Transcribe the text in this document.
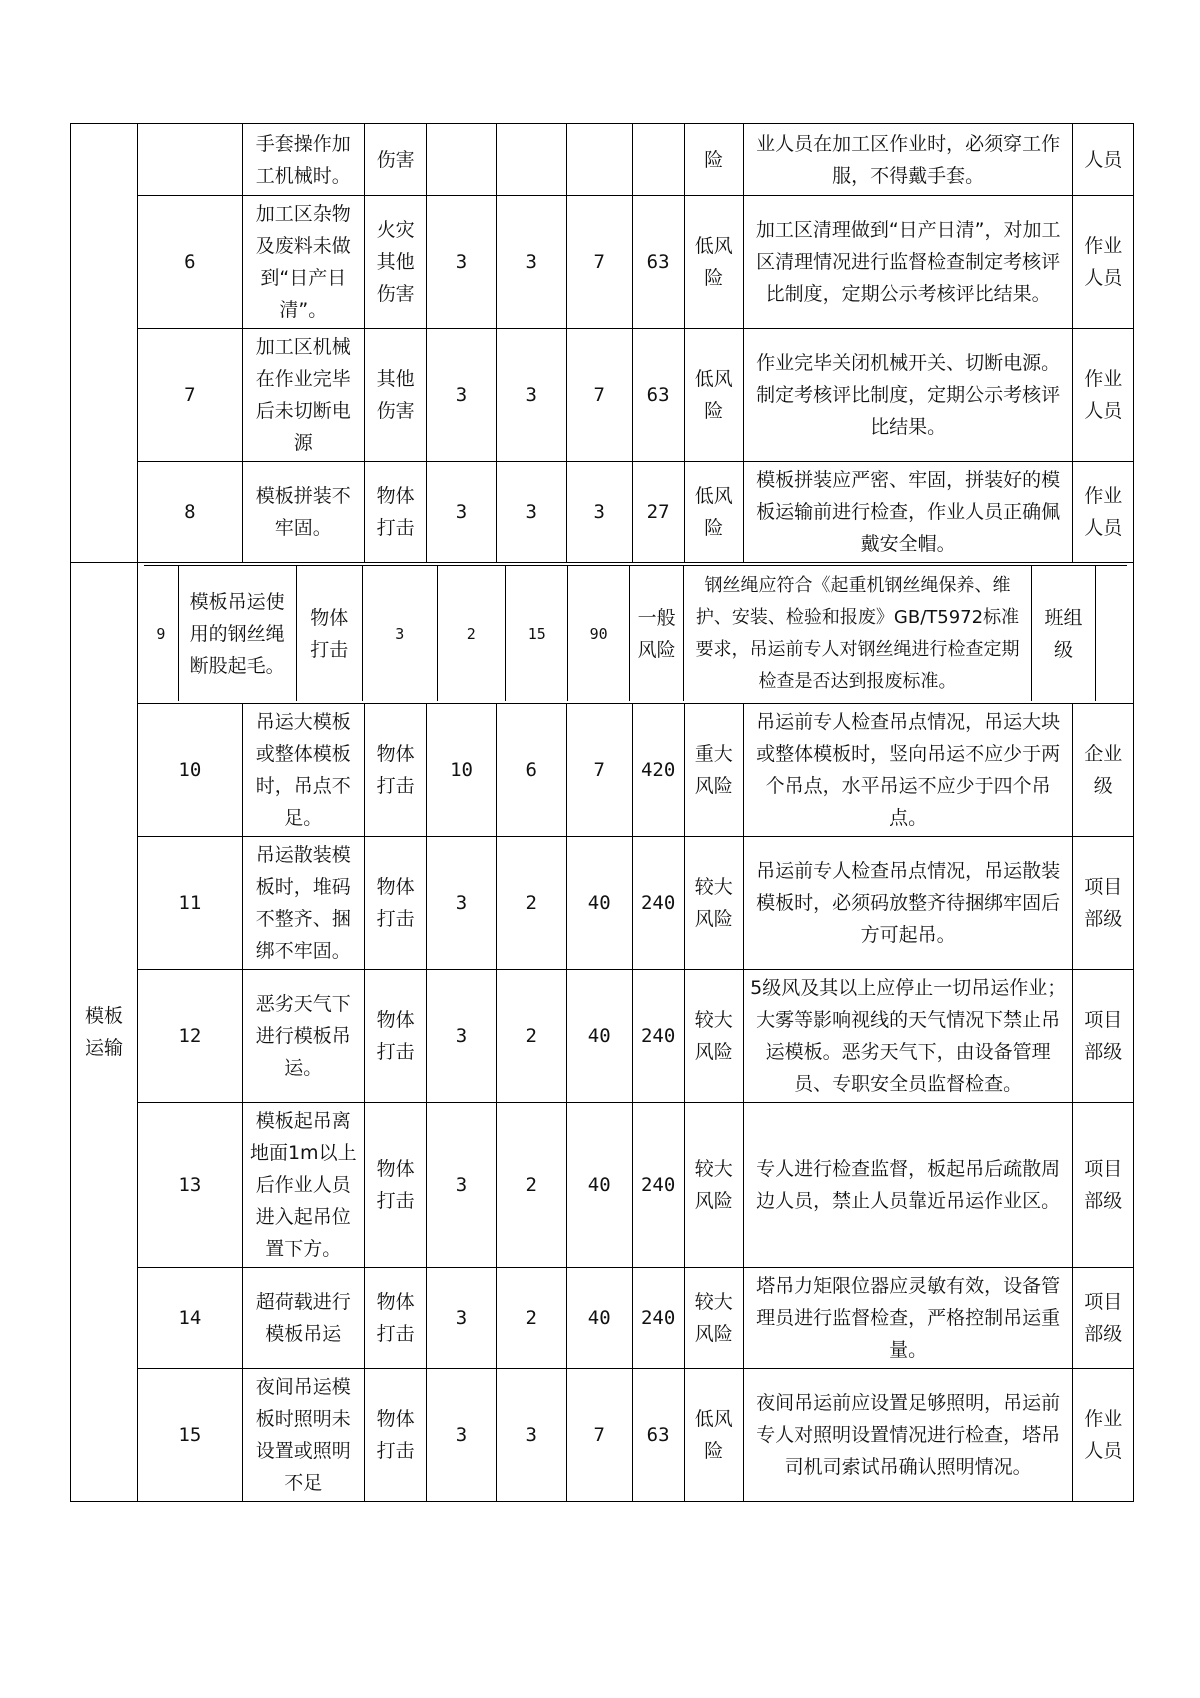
		手套操作加工机械时。	伤害					险	业人员在加工区作业时，必须穿工作服，不得戴手套。	人员
6	加工区杂物及废料未做到“日产日清”。	火灾其他伤害	3	3	7	63	低风险	加工区清理做到“日产日清”，对加工区清理情况进行监督检查制定考核评比制度，定期公示考核评比结果。	作业人员
7	加工区机械在作业完毕后未切断电源	其他伤害	3	3	7	63	低风险	作业完毕关闭机械开关、切断电源。制定考核评比制度，定期公示考核评比结果。	作业人员
8	模板拼装不牢固。	物体打击	3	3	3	27	低风险	模板拼装应严密、牢固，拼装好的模板运输前进行检查，作业人员正确佩戴安全帽。	作业人员
模板运输	
9	模板吊运使用的钢丝绳断股起毛。	物体打击	3	2	15	90	一般风险	钢丝绳应符合《起重机钢丝绳保养、维护、安装、检验和报废》GB/T5972标准要求，吊运前专人对钢丝绳进行检查定期检查是否达到报废标准。	班组级	

10	吊运大模板或整体模板时，吊点不足。	物体打击	10	6	7	420	重大风险	吊运前专人检查吊点情况，吊运大块或整体模板时，竖向吊运不应少于两个吊点，水平吊运不应少于四个吊点。	企业级
11	吊运散装模板时，堆码不整齐、捆绑不牢固。	物体打击	3	2	40	240	较大风险	吊运前专人检查吊点情况，吊运散装模板时，必须码放整齐待捆绑牢固后方可起吊。	项目部级
12	恶劣天气下进行模板吊运。	物体打击	3	2	40	240	较大风险	5级风及其以上应停止一切吊运作业；大雾等影响视线的天气情况下禁止吊运模板。恶劣天气下，由设备管理员、专职安全员监督检查。	项目部级
13	模板起吊离地面1m以上后作业人员进入起吊位置下方。	物体打击	3	2	40	240	较大风险	专人进行检查监督，板起吊后疏散周边人员，禁止人员靠近吊运作业区。	项目部级
14	超荷载进行模板吊运	物体打击	3	2	40	240	较大风险	塔吊力矩限位器应灵敏有效，设备管理员进行监督检查，严格控制吊运重量。	项目部级
15	夜间吊运模板时照明未设置或照明不足	物体打击	3	3	7	63	低风险	夜间吊运前应设置足够照明，吊运前专人对照明设置情况进行检查，塔吊司机司索试吊确认照明情况。	作业人员
